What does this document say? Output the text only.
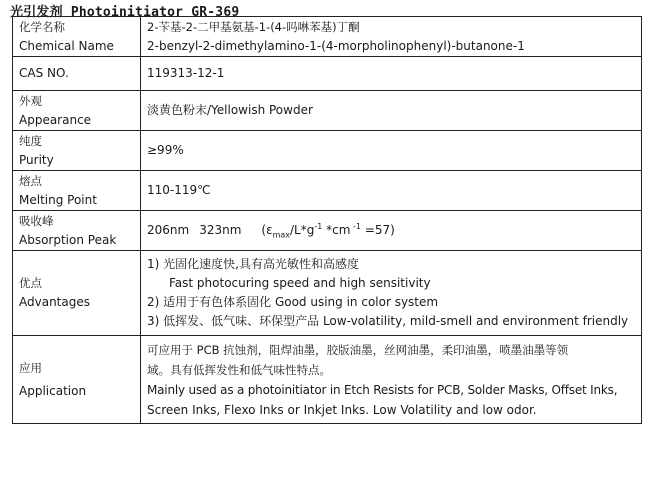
光引发剂 Photoinitiator GR-369
化学名称
Chemical Name	2-苄基-2-二甲基氨基-1-(4-吗啉苯基)丁酮
2-benzyl-2-dimethylamino-1-(4-morpholinophenyl)-butanone-1

CAS NO.	119313-12-1

外观
Appearance	淡黄色粉末/Yellowish Powder

纯度
Purity	≥99%

熔点
Melting Point	110-119℃

吸收峰
Absorption Peak	206nm 323nm ($\varepsilon_{max}/L*g^{-1}$ *cm $^{-1}$ =57)

优点
Advantages	1) 光固化速度快,具有高光敏性和高感度
Fast photocuring speed and high sensitivity
2) 适用于有色体系固化 Good using in color system
3) 低挥发、低气味、环保型产品 Low-volatility, mild-smell and environment friendly

应用
Application	可应用于 PCB 抗蚀剂，阻焊油墨，胶版油墨，丝网油墨，柔印油墨，喷墨油墨等领
域。具有低挥发性和低气味性特点。
Mainly used as a photoinitiator in Etch Resists for PCB, Solder Masks, Offset Inks,
Screen Inks, Flexo Inks or Inkjet Inks. Low Volatility and low odor.
